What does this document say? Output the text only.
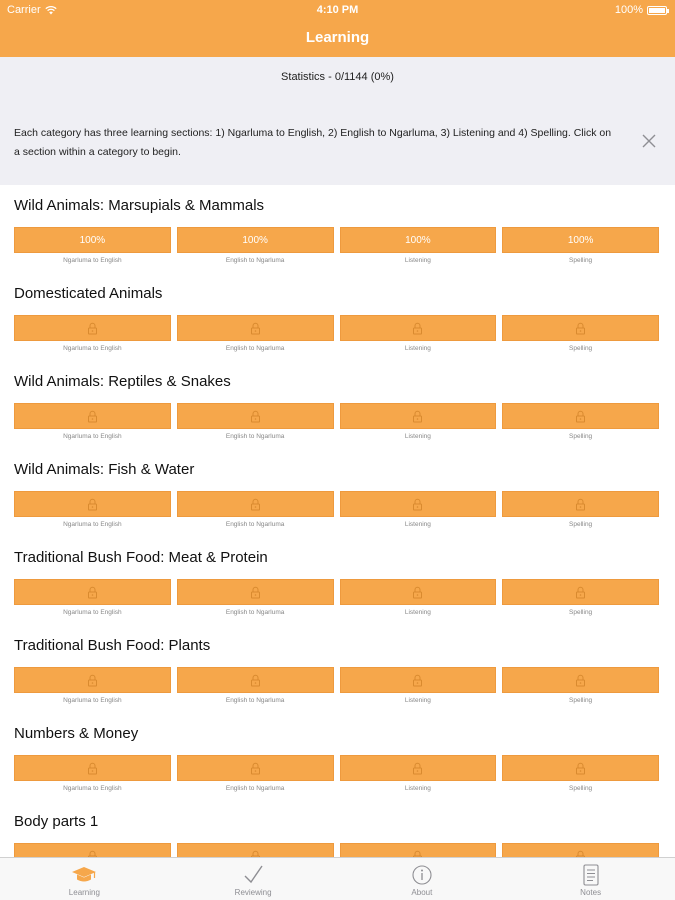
Carrier	4:10 PM	100%
Learning
Statistics - 0/1144 (0%)
Each category has three learning sections: 1) Ngarluma to English, 2) English to Ngarluma, 3) Listening and 4) Spelling. Click on a section within a category to begin.
Wild Animals: Marsupials & Mammals
100%
Ngarluma to English
100%
English to Ngarluma
100%
Listening
100%
Spelling
Domesticated Animals
Ngarluma to English	English to Ngarluma	Listening	Spelling
Wild Animals: Reptiles & Snakes
Ngarluma to English	English to Ngarluma	Listening	Spelling
Wild Animals: Fish & Water
Ngarluma to English	English to Ngarluma	Listening	Spelling
Traditional Bush Food: Meat & Protein
Ngarluma to English	English to Ngarluma	Listening	Spelling
Traditional Bush Food: Plants
Ngarluma to English	English to Ngarluma	Listening	Spelling
Numbers & Money
Ngarluma to English	English to Ngarluma	Listening	Spelling
Body parts 1
Learning	Reviewing	About	Notes
